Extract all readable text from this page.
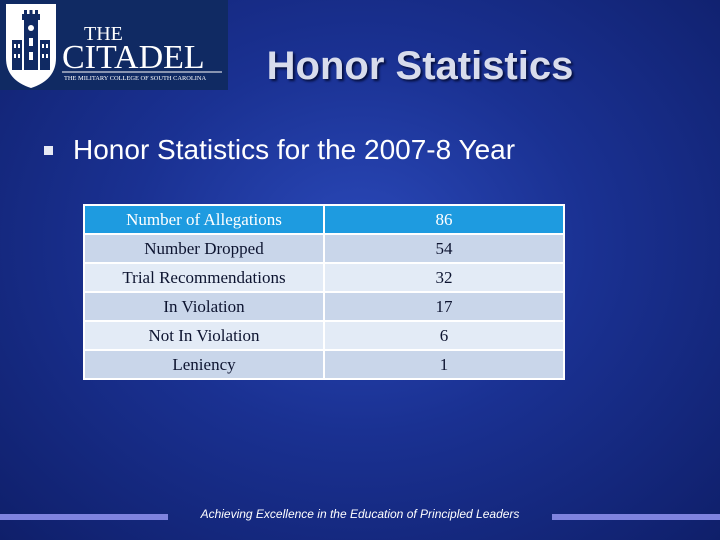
THE
CITADEL
THE MILITARY COLLEGE OF SOUTH CAROLINA	Honor Statistics
Honor Statistics for the 2007-8 Year
Number of Allegations	86
Number Dropped	54
Trial Recommendations	32
In Violation	17
Not In Violation	6
Leniency	1
Achieving Excellence in the Education of Principled Leaders
